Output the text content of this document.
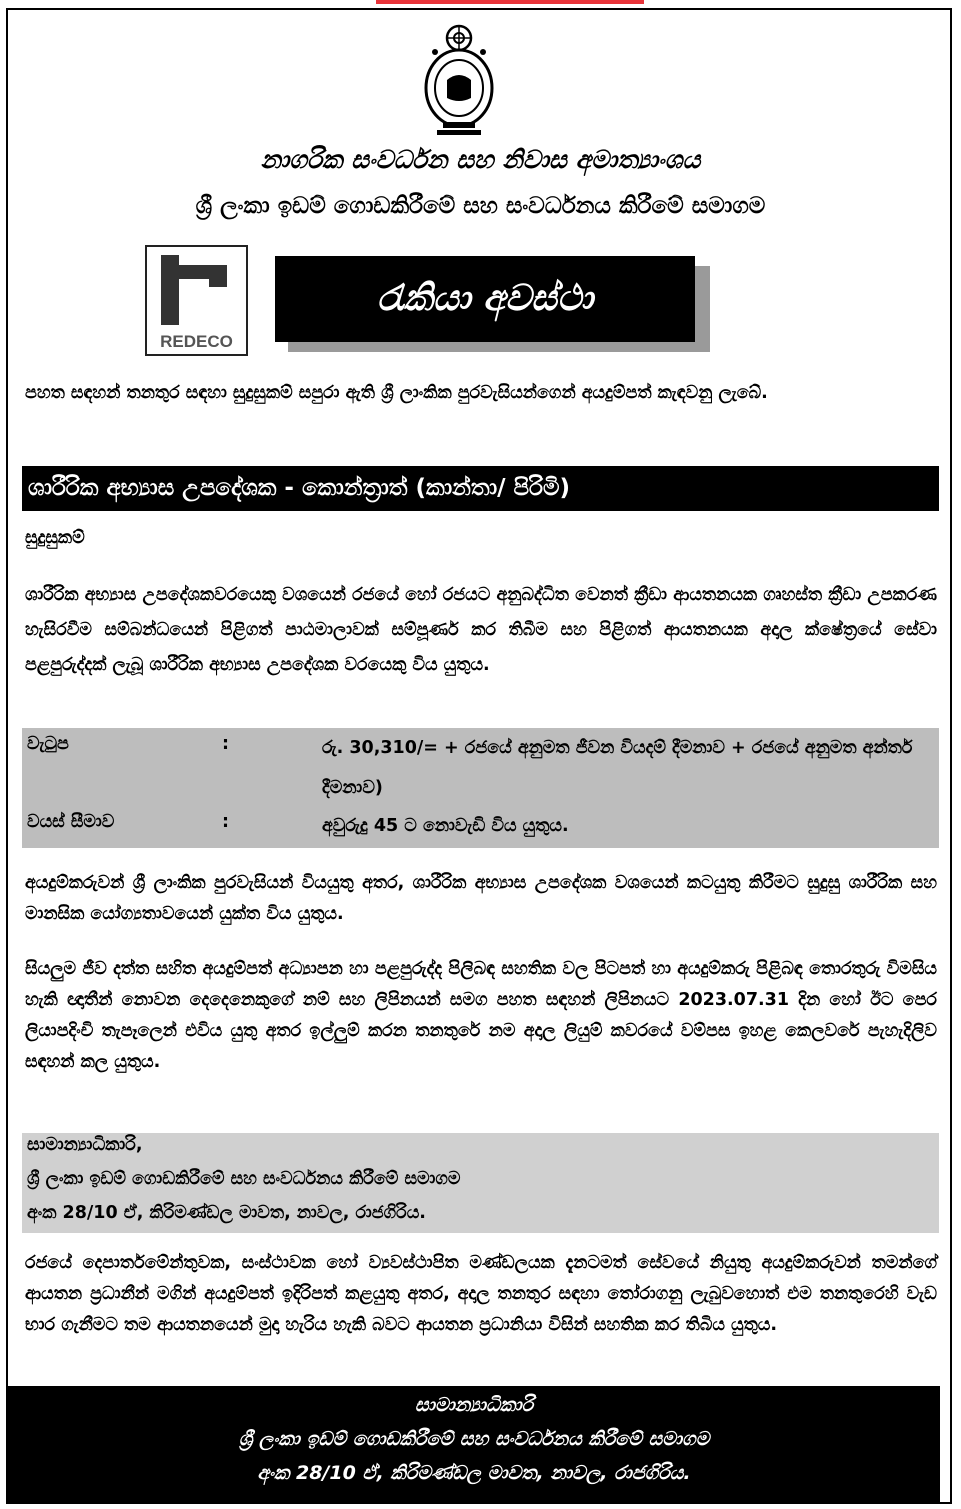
නාගරික සංවර්ධන සහ නිවාස අමාත්‍යාංශය
ශ්‍රී ලංකා ඉඩම් ගොඩකිරීමේ සහ සංවර්ධනය කිරීමේ සමාගම
REDECO
රැකියා අවස්ථා
පහත සඳහන් තනතුර සඳහා සුදුසුකම් සපුරා ඇති ශ්‍රී ලාංකික පුරවැසියන්ගෙන් අයදුම්පත් කැඳවනු ලැබේ.
ශාරීරික අභ්‍යාස උපදේශක - කොන්ත්‍රාත් (කාන්තා/ පිරිමි)
සුදුසුකම්
ශාරීරික අභ්‍යාස උපදේශකවරයෙකු වශයෙන් රජයේ හෝ රජයට අනුබද්ධිත වෙනත් ක්‍රීඩා ආයතනයක ගෘහස්ත ක්‍රීඩා උපකරණ හැසිරවීම සම්බන්ධයෙන් පිළිගත් පාඨමාලාවක් සම්පූර්ණ කර තිබීම සහ පිළිගත් ආයතනයක අදාල ක්ෂේත්‍රයේ සේවා පළපුරුද්දක් ලැබූ ශාරීරික අභ්‍යාස උපදේශක වරයෙකු විය යුතුය.
වැටුප	:	රු. 30,310/= + රජයේ අනුමත ජීවන වියදම් දීමනාව + රජයේ අනුමත අන්තර් දීමනාව)
වයස් සීමාව	:	අවුරුදු 45 ට නොවැඩි විය යුතුය.
අයදුම්කරුවන් ශ්‍රී ලාංකික පුරවැසියන් වියයුතු අතර, ශාරීරික අභ්‍යාස උපදේශක වශයෙන් කටයුතු කිරීමට සුදුසු ශාරීරික සහ මානසික යෝග්‍යතාවයෙන් යුක්ත විය යුතුය.
සියලුම ජීව දත්ත සහිත අයදුම්පත් අධ්‍යාපන හා පළපුරුද්ද පිලිබඳ සහතික වල පිටපත් හා අයදුම්කරු පිළිබඳ තොරතුරු විමසිය හැකි ඥාතීන් නොවන දෙදෙනෙකුගේ නම් සහ ලිපිනයන් සමග පහත සඳහන් ලිපිනයට 2023.07.31 දින හෝ ඊට පෙර ලියාපදිංචි තැපෑලෙන් එවිය යුතු අතර ඉල්ලුම් කරන තනතුරේ නම අදාල ලියුම් කවරයේ වම්පස ඉහළ කෙලවරේ පැහැදිලිව සඳහන් කල යුතුය.
සාමාන්‍යාධිකාරි,
ශ්‍රී ලංකා ඉඩම් ගොඩකිරීමේ සහ සංවර්ධනය කිරීමේ සමාගම
අංක 28/10 ඒ, කිරිමණ්ඩල මාවත, නාවල, රාජගිරිය.
රජයේ දෙපාර්තමේන්තුවක, සංස්ථාවක හෝ ව්‍යවස්ථාපිත මණ්ඩලයක දැනටමත් සේවයේ නියුතු අයදුම්කරුවන් තමන්ගේ ආයතන ප්‍රධානීන් මගින් අයදුම්පත් ඉදිරිපත් කළයුතු අතර, අදාල තනතුර සඳහා තෝරාගනු ලැබුවහොත් එම තනතුරෙහි වැඩ භාර ගැනීමට තම ආයතනයෙන් මුදා හැරිය හැකි බවට ආයතන ප්‍රධානියා විසින් සහතික කර තිබිය යුතුය.
සාමාන්‍යාධිකාරි
ශ්‍රී ලංකා ඉඩම් ගොඩකිරීමේ සහ සංවර්ධනය කිරීමේ සමාගම
අංක 28/10 ඒ, කිරිමණ්ඩල මාවත, නාවල, රාජගිරිය.
